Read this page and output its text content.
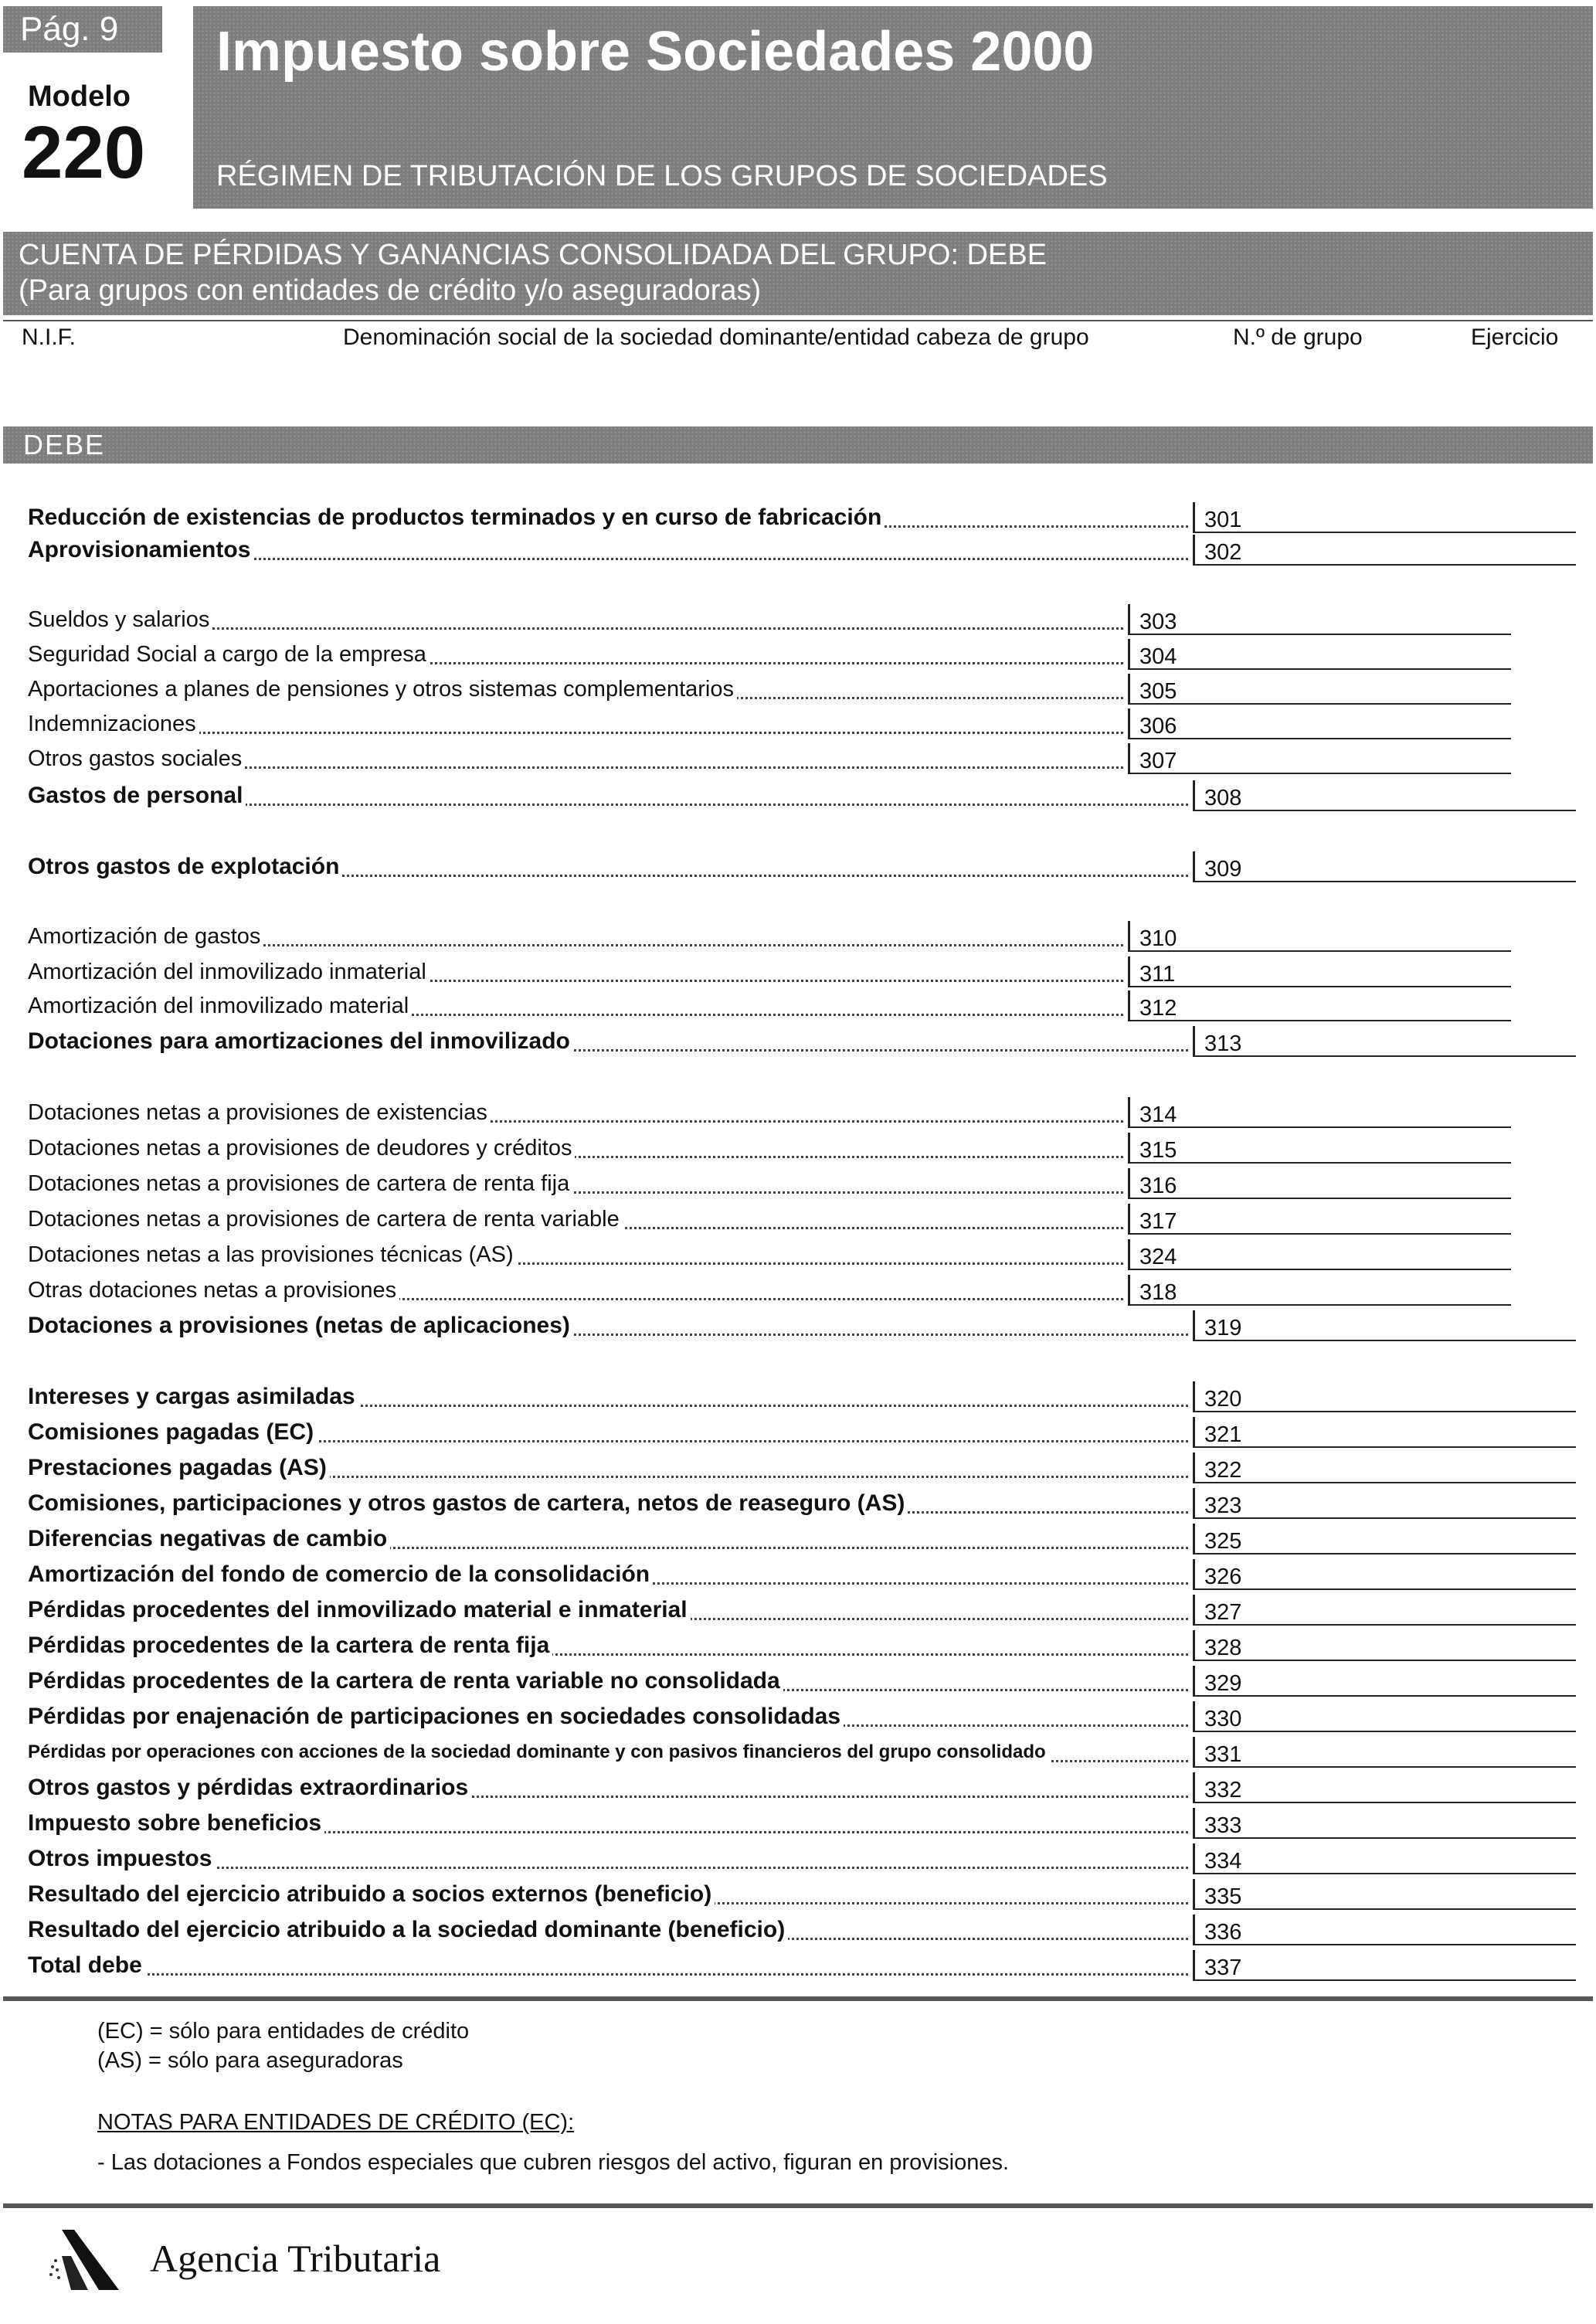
Pág. 9
Modelo
220
Impuesto sobre Sociedades 2000
RÉGIMEN DE TRIBUTACIÓN DE LOS GRUPOS DE SOCIEDADES
CUENTA DE PÉRDIDAS Y GANANCIAS CONSOLIDADA DEL GRUPO: DEBE
(Para grupos con entidades de crédito y/o aseguradoras)
N.I.F.	Denominación social de la sociedad dominante/entidad cabeza de grupo	N.º de grupo	Ejercicio
DEBE
Reducción de existencias de productos terminados y en curso de fabricación	301
Aprovisionamientos	302
Sueldos y salarios	303
Seguridad Social a cargo de la empresa	304
Aportaciones a planes de pensiones y otros sistemas complementarios	305
Indemnizaciones	306
Otros gastos sociales	307
Gastos de personal	308
Otros gastos de explotación	309
Amortización de gastos	310
Amortización del inmovilizado inmaterial	311
Amortización del inmovilizado material	312
Dotaciones para amortizaciones del inmovilizado	313
Dotaciones netas a provisiones de existencias	314
Dotaciones netas a provisiones de deudores y créditos	315
Dotaciones netas a provisiones de cartera de renta fija	316
Dotaciones netas a provisiones de cartera de renta variable	317
Dotaciones netas a las provisiones técnicas (AS)	324
Otras dotaciones netas a provisiones	318
Dotaciones a provisiones (netas de aplicaciones)	319
Intereses y cargas asimiladas	320
Comisiones pagadas (EC)	321
Prestaciones pagadas (AS)	322
Comisiones, participaciones y otros gastos de cartera, netos de reaseguro (AS)	323
Diferencias negativas de cambio	325
Amortización del fondo de comercio de la consolidación	326
Pérdidas procedentes del inmovilizado material e inmaterial	327
Pérdidas procedentes de la cartera de renta fija	328
Pérdidas procedentes de la cartera de renta variable no consolidada	329
Pérdidas por enajenación de participaciones en sociedades consolidadas	330
Pérdidas por operaciones con acciones de la sociedad dominante y con pasivos financieros del grupo consolidado	331
Otros gastos y pérdidas extraordinarios	332
Impuesto sobre beneficios	333
Otros impuestos	334
Resultado del ejercicio atribuido a socios externos (beneficio)	335
Resultado del ejercicio atribuido a la sociedad dominante (beneficio)	336
Total debe	337
(EC) = sólo para entidades de crédito
(AS) = sólo para aseguradoras
NOTAS PARA ENTIDADES DE CRÉDITO (EC):
- Las dotaciones a Fondos especiales que cubren riesgos del activo, figuran en provisiones.
Agencia Tributaria
